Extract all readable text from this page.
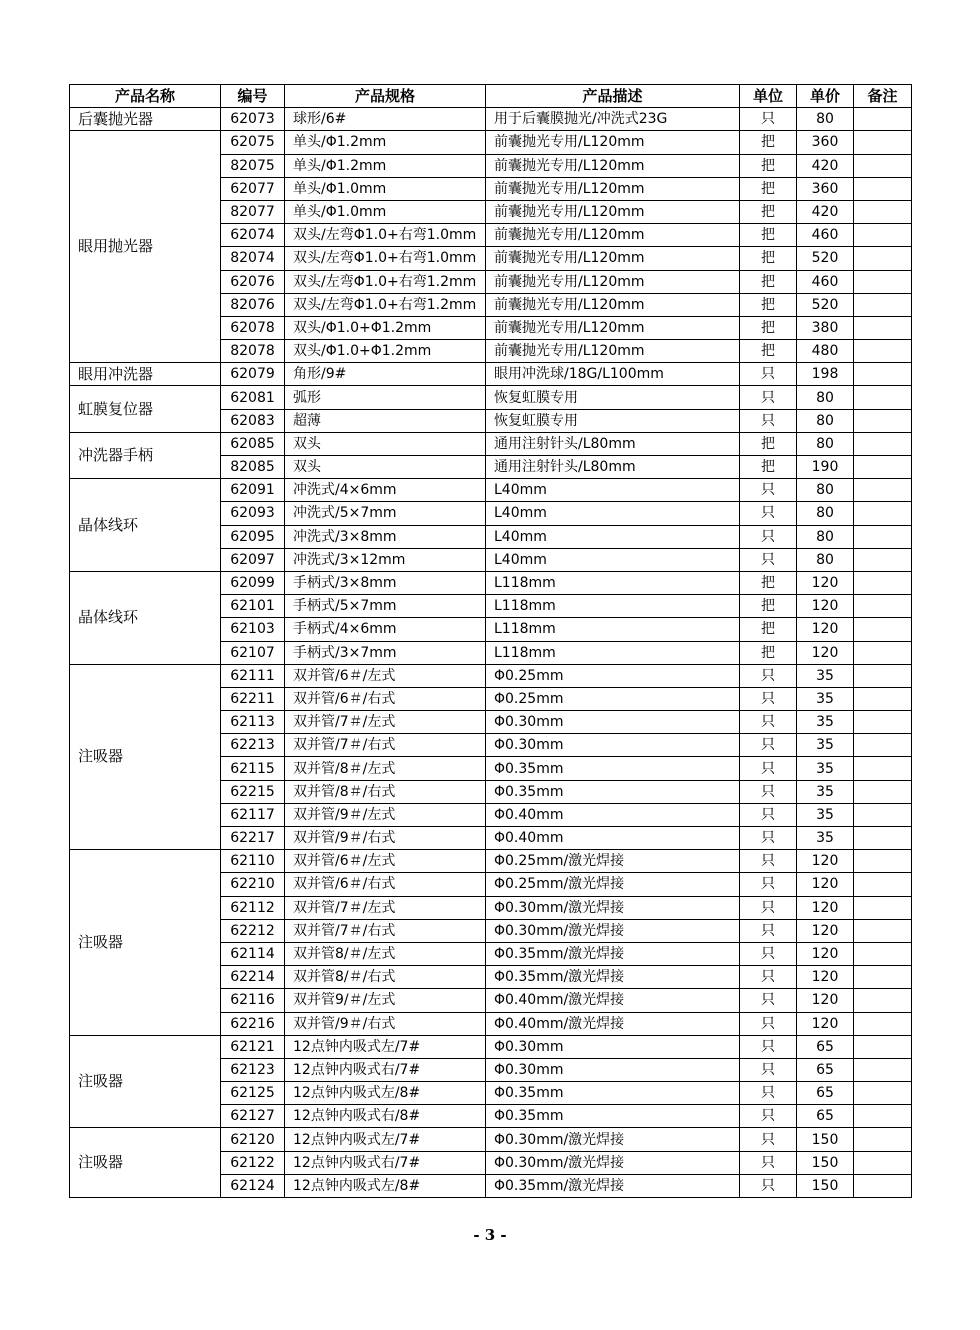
产品名称	编号	产品规格	产品描述	单位	单价	备注
后囊抛光器	62073	球形/6#	用于后囊膜抛光/冲洗式23G	只	80	
眼用抛光器	62075	单头/Φ1.2mm	前囊抛光专用/L120mm	把	360	
	82075	单头/Φ1.2mm	前囊抛光专用/L120mm	把	420	
	62077	单头/Φ1.0mm	前囊抛光专用/L120mm	把	360	
	82077	单头/Φ1.0mm	前囊抛光专用/L120mm	把	420	
	62074	双头/左弯Φ1.0+右弯1.0mm	前囊抛光专用/L120mm	把	460	
	82074	双头/左弯Φ1.0+右弯1.0mm	前囊抛光专用/L120mm	把	520	
	62076	双头/左弯Φ1.0+右弯1.2mm	前囊抛光专用/L120mm	把	460	
	82076	双头/左弯Φ1.0+右弯1.2mm	前囊抛光专用/L120mm	把	520	
	62078	双头/Φ1.0+Φ1.2mm	前囊抛光专用/L120mm	把	380	
	82078	双头/Φ1.0+Φ1.2mm	前囊抛光专用/L120mm	把	480	
眼用冲洗器	62079	角形/9#	眼用冲洗球/18G/L100mm	只	198	
虹膜复位器	62081	弧形	恢复虹膜专用	只	80	
	62083	超薄	恢复虹膜专用	只	80	
冲洗器手柄	62085	双头	通用注射针头/L80mm	把	80	
	82085	双头	通用注射针头/L80mm	把	190	
晶体线环	62091	冲洗式/4×6mm	L40mm	只	80	
	62093	冲洗式/5×7mm	L40mm	只	80	
	62095	冲洗式/3×8mm	L40mm	只	80	
	62097	冲洗式/3×12mm	L40mm	只	80	
晶体线环	62099	手柄式/3×8mm	L118mm	把	120	
	62101	手柄式/5×7mm	L118mm	把	120	
	62103	手柄式/4×6mm	L118mm	把	120	
	62107	手柄式/3×7mm	L118mm	把	120	
注吸器	62111	双并管/6＃/左式	Φ0.25mm	只	35	
	62211	双并管/6＃/右式	Φ0.25mm	只	35	
	62113	双并管/7＃/左式	Φ0.30mm	只	35	
	62213	双并管/7＃/右式	Φ0.30mm	只	35	
	62115	双并管/8＃/左式	Φ0.35mm	只	35	
	62215	双并管/8＃/右式	Φ0.35mm	只	35	
	62117	双并管/9＃/左式	Φ0.40mm	只	35	
	62217	双并管/9＃/右式	Φ0.40mm	只	35	
注吸器	62110	双并管/6＃/左式	Φ0.25mm/激光焊接	只	120	
	62210	双并管/6＃/右式	Φ0.25mm/激光焊接	只	120	
	62112	双并管/7＃/左式	Φ0.30mm/激光焊接	只	120	
	62212	双并管/7＃/右式	Φ0.30mm/激光焊接	只	120	
	62114	双并管8/＃/左式	Φ0.35mm/激光焊接	只	120	
	62214	双并管8/＃/右式	Φ0.35mm/激光焊接	只	120	
	62116	双并管9/＃/左式	Φ0.40mm/激光焊接	只	120	
	62216	双并管/9＃/右式	Φ0.40mm/激光焊接	只	120	
注吸器	62121	12点钟内吸式左/7#	Φ0.30mm	只	65	
	62123	12点钟内吸式右/7#	Φ0.30mm	只	65	
	62125	12点钟内吸式左/8#	Φ0.35mm	只	65	
	62127	12点钟内吸式右/8#	Φ0.35mm	只	65	
注吸器	62120	12点钟内吸式左/7#	Φ0.30mm/激光焊接	只	150	
	62122	12点钟内吸式右/7#	Φ0.30mm/激光焊接	只	150	
	62124	12点钟内吸式左/8#	Φ0.35mm/激光焊接	只	150	
- 3 -
